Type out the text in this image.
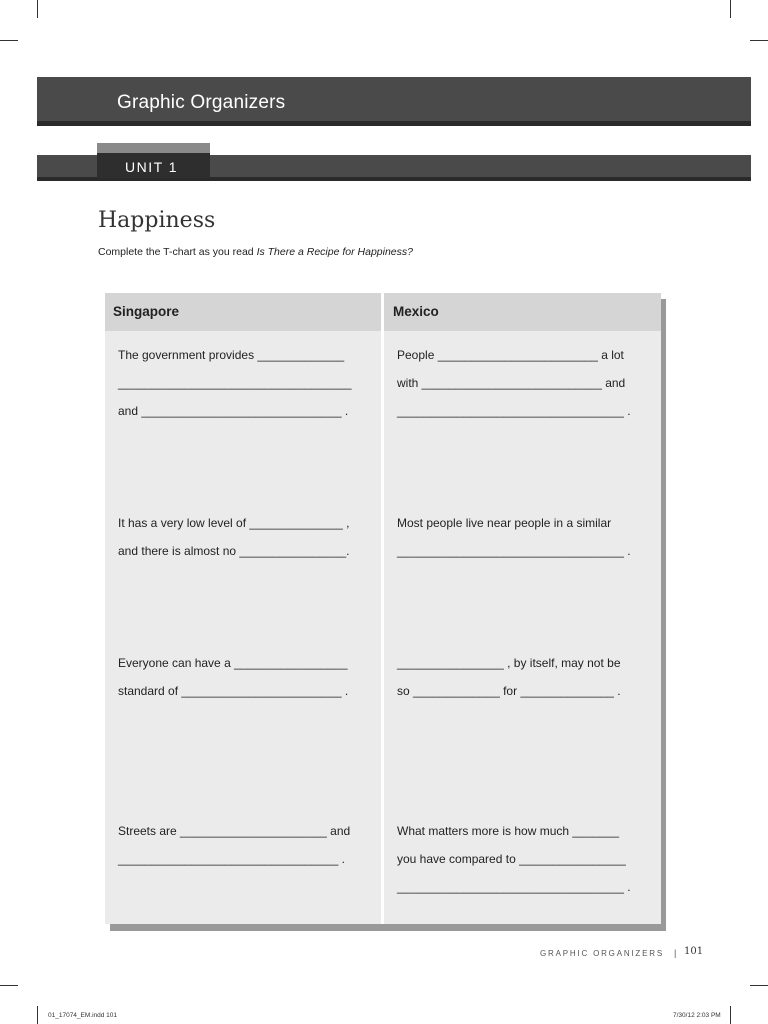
Graphic Organizers
UNIT 1
Happiness
Complete the T-chart as you read Is There a Recipe for Happiness?
Singapore	Mexico
The government provides _____________
___________________________________
and ______________________________ .
It has a very low level of ______________ ,
and there is almost no ________________.
Everyone can have a _________________
standard of ________________________ .
Streets are ______________________ and
_________________________________ .
People ________________________ a lot
with ___________________________ and
__________________________________ .
Most people live near people in a similar
__________________________________ .
________________ , by itself, may not be
so _____________ for ______________ .
What matters more is how much _______
you have compared to ________________
__________________________________ .
GRAPHIC ORGANIZERS | 101
01_17074_EM.indd 101	7/30/12 2:03 PM
